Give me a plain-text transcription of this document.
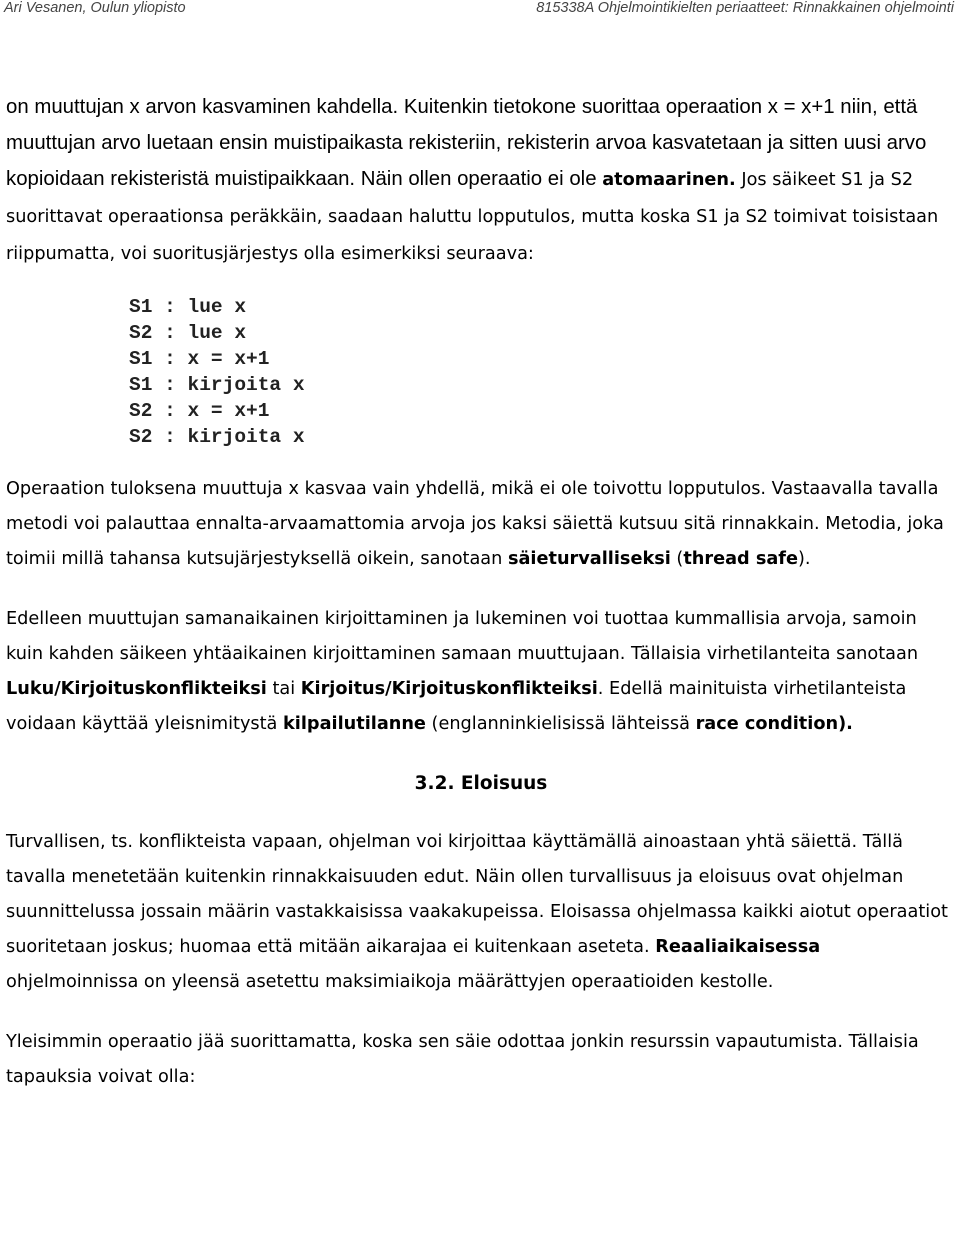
Ari Vesanen, Oulun yliopisto	815338A Ohjelmointikielten periaatteet: Rinnakkainen ohjelmointi

on muuttujan x arvon kasvaminen kahdella. Kuitenkin tietokone suorittaa operaation x = x+1 niin, että muuttujan arvo luetaan ensin muistipaikasta rekisteriin, rekisterin arvoa kasvatetaan ja sitten uusi arvo kopioidaan rekisteristä muistipaikkaan. Näin ollen operaatio ei ole atomaarinen. Jos säikeet S1 ja S2 suorittavat operaationsa peräkkäin, saadaan haluttu lopputulos, mutta koska S1 ja S2 toimivat toisistaan riippumatta, voi suoritusjärjestys olla esimerkiksi seuraava:

S1 : lue x
S2 : lue x
S1 : x = x+1
S1 : kirjoita x
S2 : x = x+1
S2 : kirjoita x

Operaation tuloksena muuttuja x kasvaa vain yhdellä, mikä ei ole toivottu lopputulos. Vastaavalla tavalla metodi voi palauttaa ennalta-arvaamattomia arvoja jos kaksi säiettä kutsuu sitä rinnakkain. Metodia, joka toimii millä tahansa kutsujärjestyksellä oikein, sanotaan säieturvalliseksi (thread safe).

Edelleen muuttujan samanaikainen kirjoittaminen ja lukeminen voi tuottaa kummallisia arvoja, samoin kuin kahden säikeen yhtäaikainen kirjoittaminen samaan muuttujaan. Tällaisia virhetilanteita sanotaan Luku/Kirjoituskonflikteiksi tai Kirjoitus/Kirjoituskonflikteiksi. Edellä mainituista virhetilanteista voidaan käyttää yleisnimitystä kilpailutilanne (englanninkielisissä lähteissä race condition).

3.2. Eloisuus

Turvallisen, ts. konflikteista vapaan, ohjelman voi kirjoittaa käyttämällä ainoastaan yhtä säiettä. Tällä tavalla menetetään kuitenkin rinnakkaisuuden edut. Näin ollen turvallisuus ja eloisuus ovat ohjelman suunnittelussa jossain määrin vastakkaisissa vaakakupeissa. Eloisassa ohjelmassa kaikki aiotut operaatiot suoritetaan joskus; huomaa että mitään aikarajaa ei kuitenkaan aseteta. Reaaliaikaisessa ohjelmoinnissa on yleensä asetettu maksimiaikoja määrättyjen operaatioiden kestolle.

Yleisimmin operaatio jää suorittamatta, koska sen säie odottaa jonkin resurssin vapautumista. Tällaisia tapauksia voivat olla:
